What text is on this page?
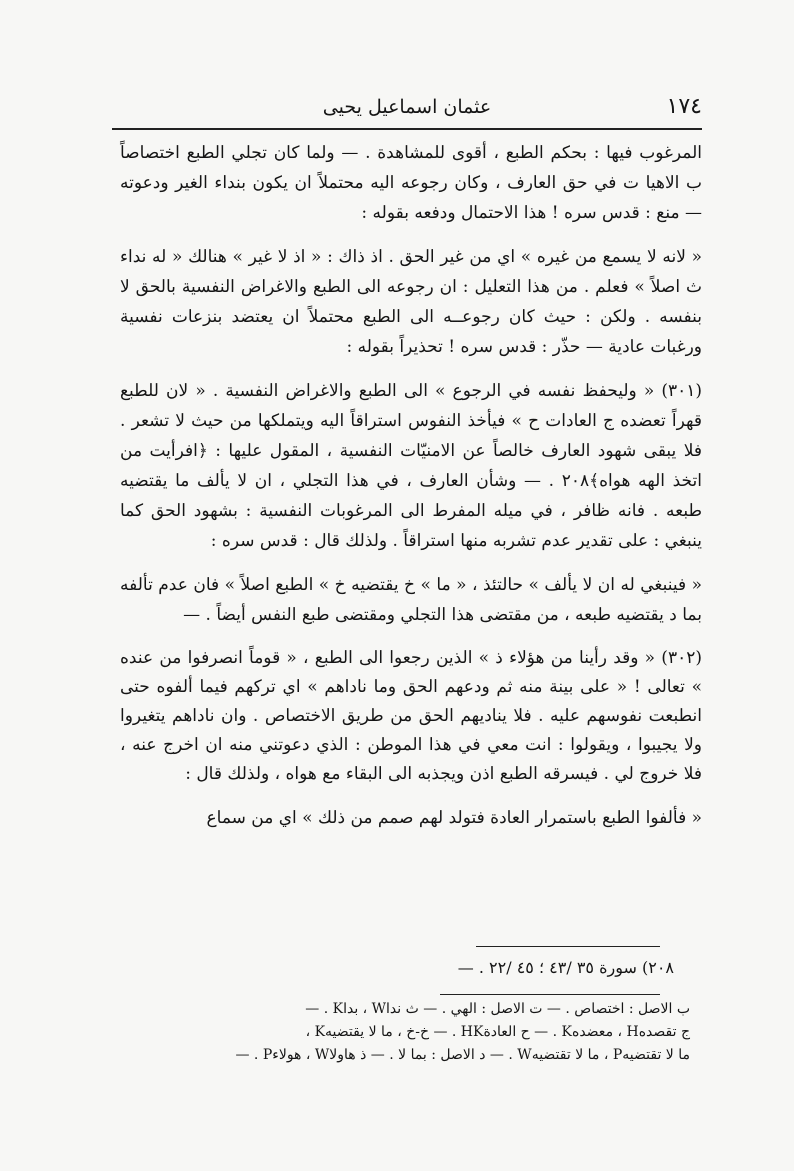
١٧٤
عثمان اسماعيل يحيى

المرغوب فيها : بحكم الطبع ، أقوى للمشاهدة . — ولما كان تجلي الطبع اختصاصاً ب الاهيا ت في حق العارف ، وكان رجوعه اليه محتملاً ان يكون بنداء الغير ودعوته — منع : قدس سره ! هذا الاحتمال ودفعه بقوله :

« لانه لا يسمع من غيره » اي من غير الحق . اذ ذاك : « اذ لا غير » هنالك « له نداء ث اصلاً » فعلم . من هذا التعليل : ان رجوعه الى الطبع والاغراض النفسية بالحق لا بنفسه . ولكن : حيث كان رجوعــه الى الطبع محتملاً ان يعتضد بنزعات نفسية ورغبات عادية — حذّر : قدس سره ! تحذيراً بقوله :

(٣٠١) « وليحفظ نفسه في الرجوع » الى الطبع والاغراض النفسية . « لان للطبع قهراً تعضده ج العادات ح » فيأخذ النفوس استراقاً اليه ويتملكها من حيث لا تشعر . فلا يبقى شهود العارف خالصاً عن الامنيّات النفسية ، المقول عليها : ﴿افرأيت من اتخذ الهه هواه﴾٢٠٨ . — وشأن العارف ، في هذا التجلي ، ان لا يألف ما يقتضيه طبعه . فانه ظافر ، في ميله المفرط الى المرغوبات النفسية : بشهود الحق كما ينبغي : على تقدير عدم تشربه منها استراقاً . ولذلك قال : قدس سره :

« فينبغي له ان لا يألف » حالتئذ ، « ما » خ يقتضيه خ » الطبع اصلاً » فان عدم تألفه بما د يقتضيه طبعه ، من مقتضى هذا التجلي ومقتضى طبع النفس أيضاً . —

(٣٠٢) « وقد رأينا من هؤلاء ذ » الذين رجعوا الى الطبع ، « قوماً انصرفوا من عنده » تعالى ! « على بينة منه ثم ودعهم الحق وما ناداهم » اي تركهم فيما ألفوه حتى انطبعت نفوسهم عليه . فلا يناديهم الحق من طريق الاختصاص . وان ناداهم يتغيروا ولا يجيبوا ، ويقولوا : انت معي في هذا الموطن : الذي دعوتني منه ان اخرج عنه ، فلا خروج لي . فيسرقه الطبع اذن ويجذبه الى البقاء مع هواه ، ولذلك قال :

« فألفوا الطبع باستمرار العادة فتولد لهم صمم من ذلك » اي من سماع

٢٠٨) سورة ٣٥ /٤٣ ؛ ٤٥ /٢٢ . —

ب الاصل : اختصاص . — ت الاصل : الهي . — ث نداW ، بداK . —

ج تقصدهH ، معضدهK . — ح العادةHK . — خ-خ ، ما لا يقتضيهK ،

ما لا تقتضيهP ، ما لا تقتضيهW . — د الاصل : بما لا . — ذ هاولاW ، هولاءP . —
